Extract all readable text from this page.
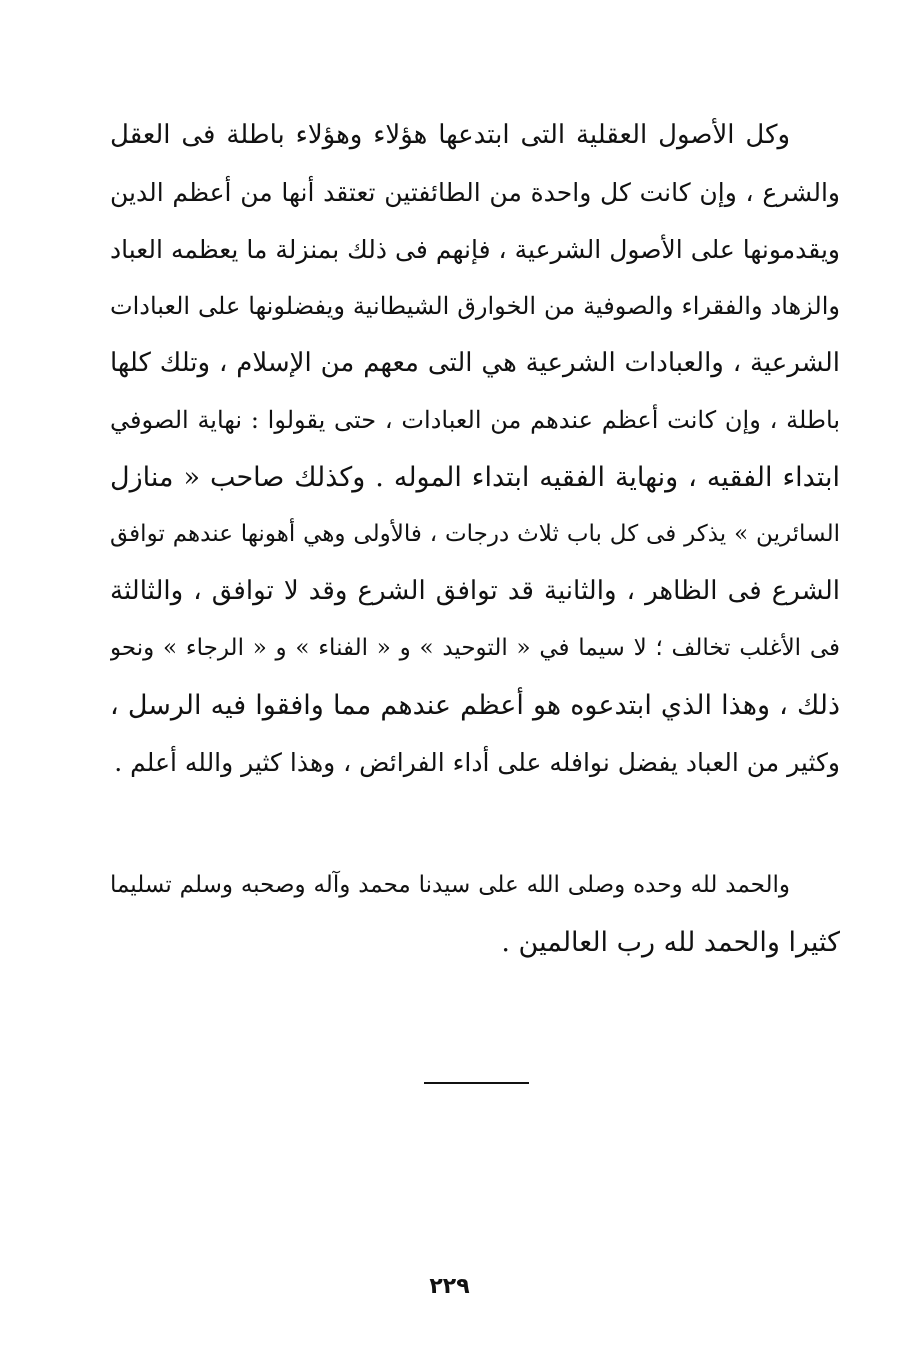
وكل الأصول العقلية التى ابتدعها هؤلاء وهؤلاء باطلة فى العقل
والشرع ، وإن كانت كل واحدة من الطائفتين تعتقد أنها من أعظم الدين
ويقدمونها على الأصول الشرعية ، فإنهم فى ذلك بمنزلة ما يعظمه العباد
والزهاد والفقراء والصوفية من الخوارق الشيطانية ويفضلونها على العبادات
الشرعية ، والعبادات الشرعية هي التى معهم من الإسلام ، وتلك كلها
باطلة ، وإن كانت أعظم عندهم من العبادات ، حتى يقولوا : نهاية الصوفي
ابتداء الفقيه ، ونهاية الفقيه ابتداء الموله . وكذلك صاحب « منازل
السائرين » يذكر فى كل باب ثلاث درجات ، فالأولى وهي أهونها عندهم توافق
الشرع فى الظاهر ، والثانية قد توافق الشرع وقد لا توافق ، والثالثة
فى الأغلب تخالف ؛ لا سيما في « التوحيد » و « الفناء » و « الرجاء » ونحو
ذلك ، وهذا الذي ابتدعوه هو أعظم عندهم مما وافقوا فيه الرسل ،
وكثير من العباد يفضل نوافله على أداء الفرائض ، وهذا كثير والله أعلم .
والحمد لله وحده وصلى الله على سيدنا محمد وآله وصحبه وسلم تسليما
كثيرا والحمد لله رب العالمين .
٢٢٩
